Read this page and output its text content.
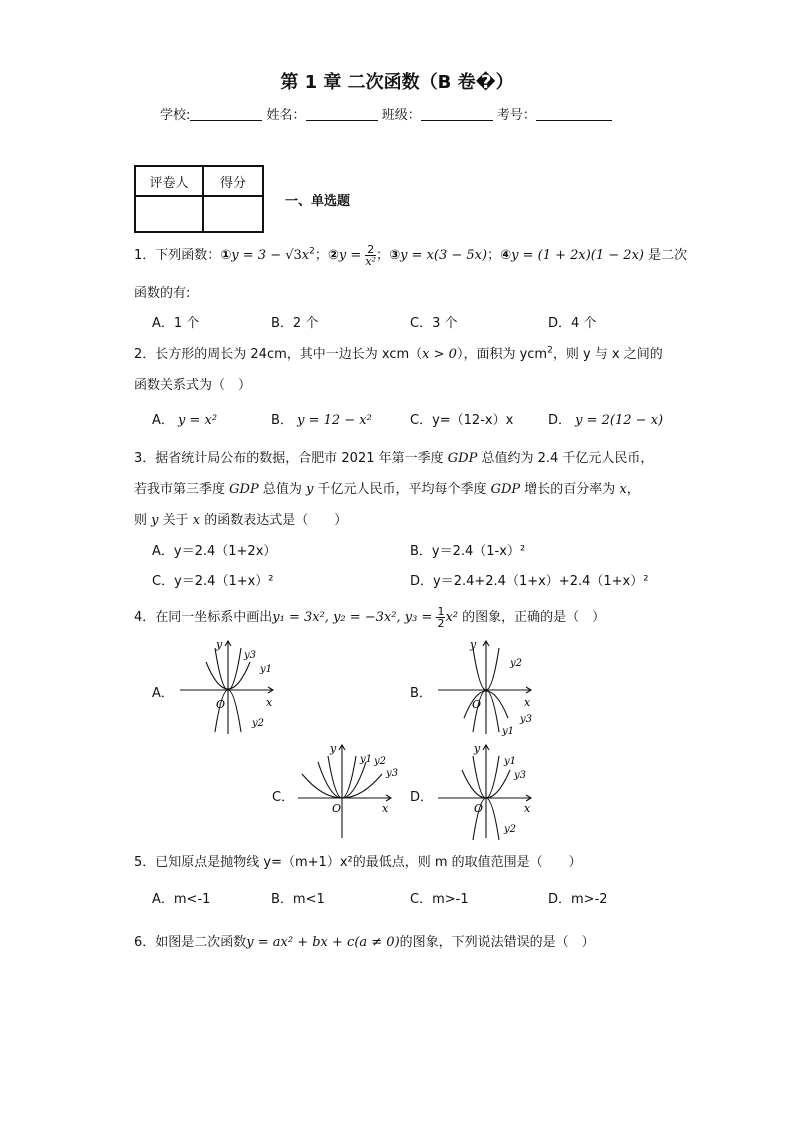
第 1 章 二次函数（B 卷�）
学校:	姓名：	班级：	考号：
评卷人	得分

一、单选题
1．下列函数：①y = $3 - √3x^2$；②y = $\frac{2}{\text{x²}}$ ；③y = x(3 − 5x)；④y = (1 + 2x)(1 − 2x) 是二次
函数的有:
A．1 个	B．2 个	C．3 个	D．4 个
2．长方形的周长为 24cm，其中一边长为 xcm（x > 0），面积为 ycm$^2$，则 y 与 x 之间的
函数关系式为（　）
A． y = x²	B． y = 12 − x²	C．y=（12-x）x	D． y = 2(12 − x)
3．据省统计局公布的数据，合肥市 2021 年第一季度 GDP 总值约为 2.4 千亿元人民币，
若我市第三季度 GDP 总值为 y 千亿元人民币，平均每个季度 GDP 增长的百分率为 x，
则 y 关于 x 的函数表达式是（　　）
A．y＝2.4（1+2x）	B．y＝2.4（1-x）²
C．y＝2.4（1+x）²	D．y＝2.4+2.4（1+x）+2.4（1+x）²
4．在同一坐标系中画出y₁ = 3x², y₂ = −3x², $y_3 = \frac{1}{2} x^2$ 的图象，正确的是（　）
A．	B．
C．	D．
y
x
O
y3
y1
y2
y
x
O
y2
y3
y1
y
x
O
y1 y2
y3
y
x
O
y1
y3
y2
5．已知原点是抛物线 y=（m+1）x²的最低点，则 m 的取值范围是（　　）
A．m<-1	B．m<1	C．m>-1	D．m>-2
6．如图是二次函数y = ax² + bx + c(a ≠ 0)的图象，下列说法错误的是（　）
